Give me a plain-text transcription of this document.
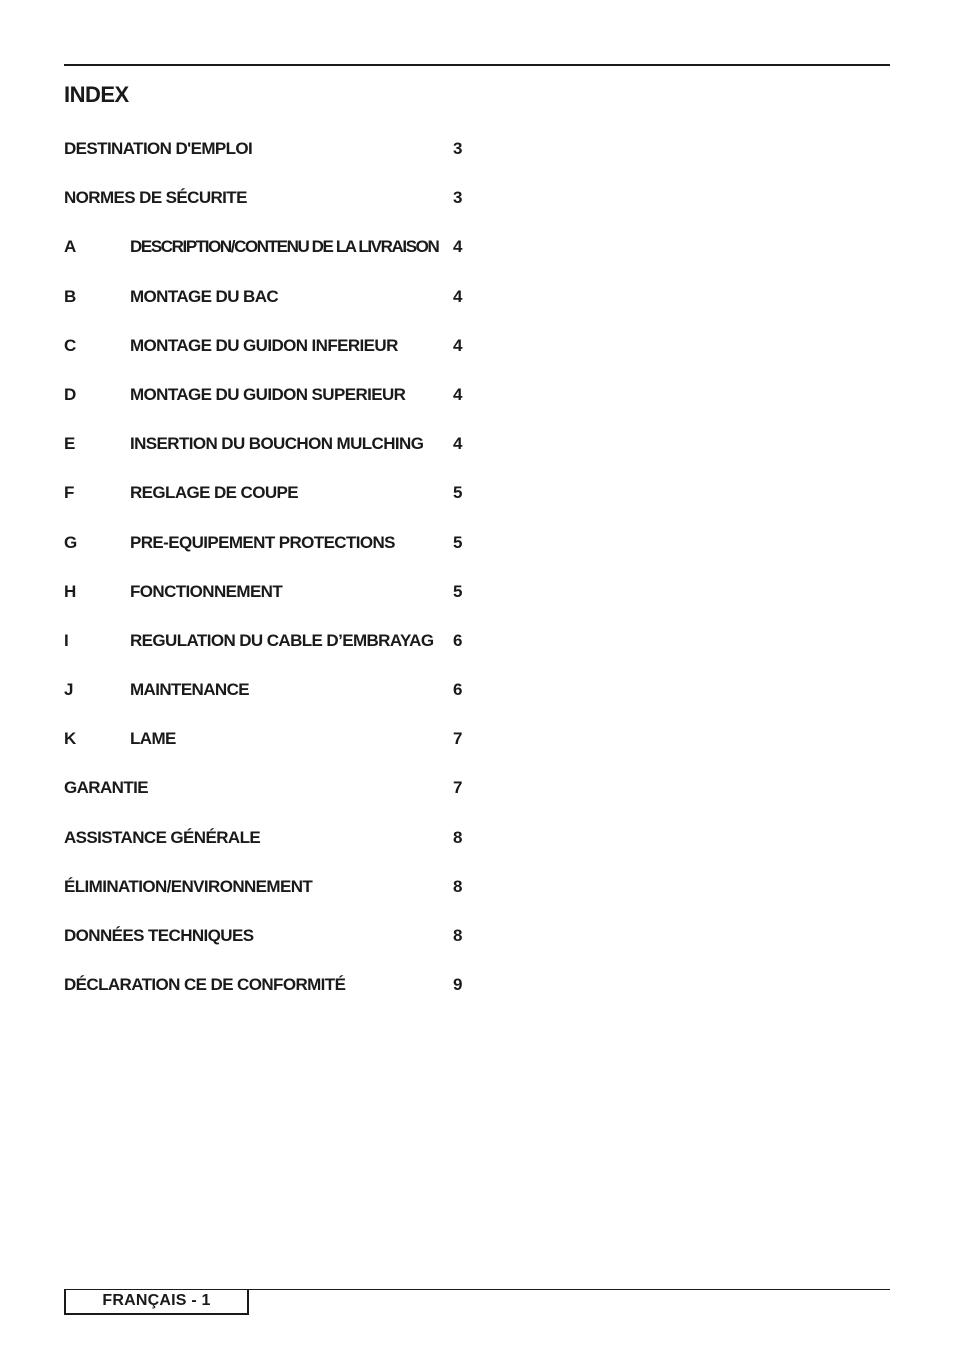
INDEX
DESTINATION D'EMPLOI	3
NORMES DE SÉCURITE	3
A	DESCRIPTION/CONTENU DE LA LIVRAISON 4
B	MONTAGE DU BAC	4
C	MONTAGE DU GUIDON INFERIEUR	4
D	MONTAGE DU GUIDON SUPERIEUR	4
E	INSERTION DU BOUCHON MULCHING 4
F	REGLAGE DE COUPE	5
G	PRE-EQUIPEMENT PROTECTIONS	5
H	FONCTIONNEMENT	5
I	REGULATION DU CABLE D’EMBRAYAG 6
J	MAINTENANCE	6
K	LAME	7
GARANTIE	7
ASSISTANCE GÉNÉRALE	8
ÉLIMINATION/ENVIRONNEMENT	8
DONNÉES TECHNIQUES	8
DÉCLARATION CE DE CONFORMITÉ	9
FRANÇAIS - 1
